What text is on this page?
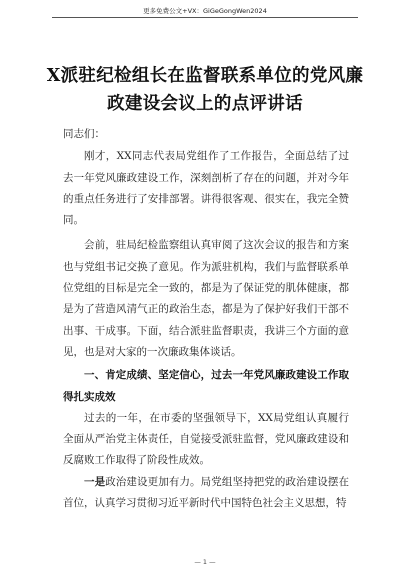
更多免费公文+VX：GiGeGongWen2024
X派驻纪检组长在监督联系单位的党风廉政建设会议上的点评讲话

同志们：

刚才，XX同志代表局党组作了工作报告，全面总结了过去一年党风廉政建设工作，深刻剖析了存在的问题，并对今年的重点任务进行了安排部署。讲得很客观、很实在，我完全赞同。

会前，驻局纪检监察组认真审阅了这次会议的报告和方案也与党组书记交换了意见。作为派驻机构，我们与监督联系单位党组的目标是完全一致的，都是为了保证党的肌体健康，都是为了营造风清气正的政治生态，都是为了保护好我们干部不出事、干成事。下面，结合派驻监督职责，我讲三个方面的意见，也是对大家的一次廉政集体谈话。

一、肯定成绩、坚定信心，过去一年党风廉政建设工作取得扎实成效

过去的一年，在市委的坚强领导下，XX局党组认真履行全面从严治党主体责任，自觉接受派驻监督，党风廉政建设和反腐败工作取得了阶段性成效。

一是政治建设更加有力。局党组坚持把党的政治建设摆在首位，认真学习贯彻习近平新时代中国特色社会主义思想，特

— 1 —
